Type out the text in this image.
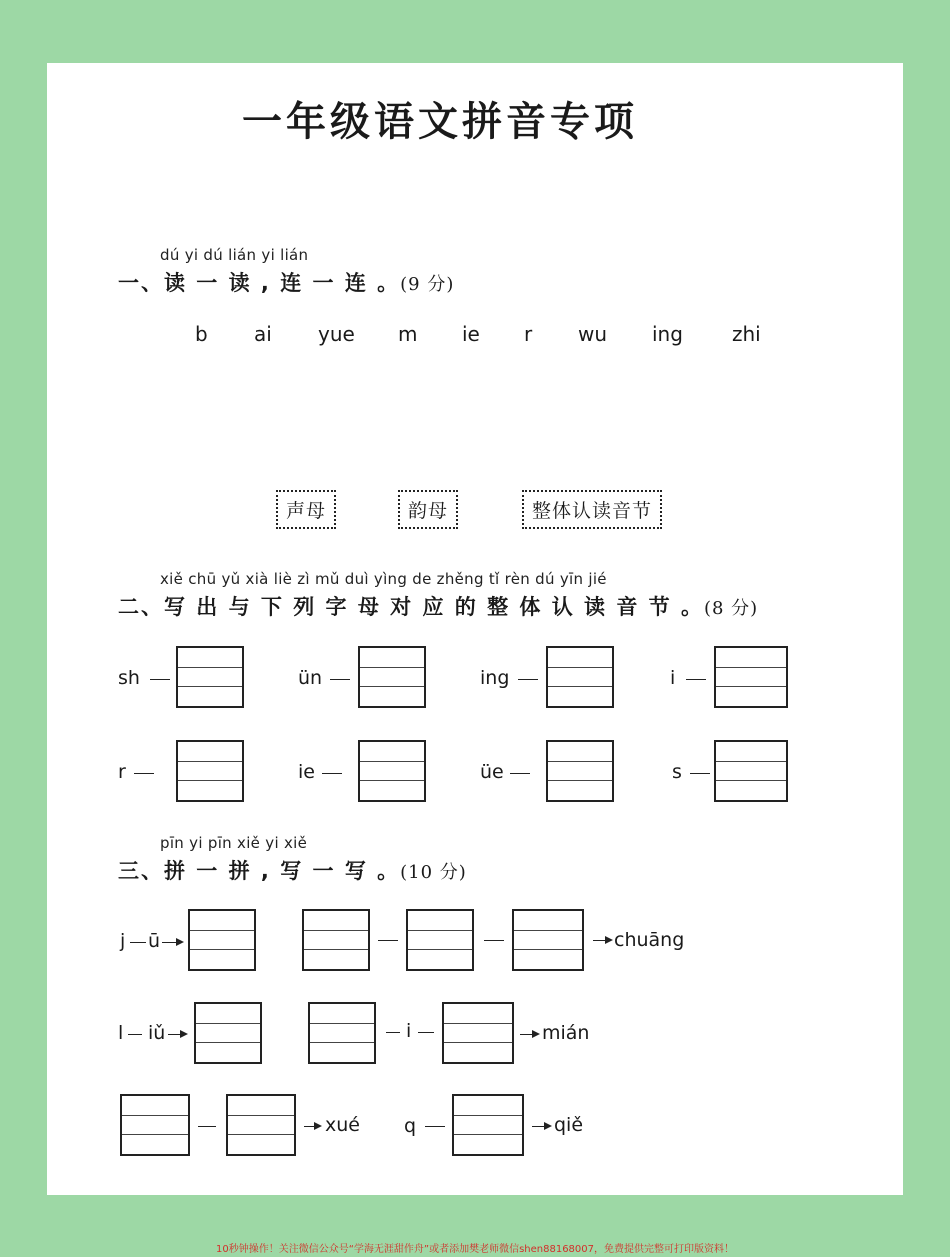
一年级语文拼音专项
dú yi dú lián yi lián
一、读 一 读 , 连 一 连 。(9 分)
b ai yue m ie r wu ing zhi
声母	韵母	整体认读音节
xiě chū yǔ xià liè zì mǔ duì yìng de zhěng tǐ rèn dú yīn jié
二、写 出 与 下 列 字 母 对 应 的 整 体 认 读 音 节 。(8 分)
sh	ün	ing	i
r	ie	üe	s
pīn yi pīn xiě yi xiě
三、拼 一 拼 , 写 一 写 。(10 分)
j ū	chuāng
l iǔ	i	mián
xué q	qiě
10秒钟操作！关注微信公众号“学海无涯甜作舟”或者添加樊老师微信shen88168007，免费提供完整可打印版资料！
